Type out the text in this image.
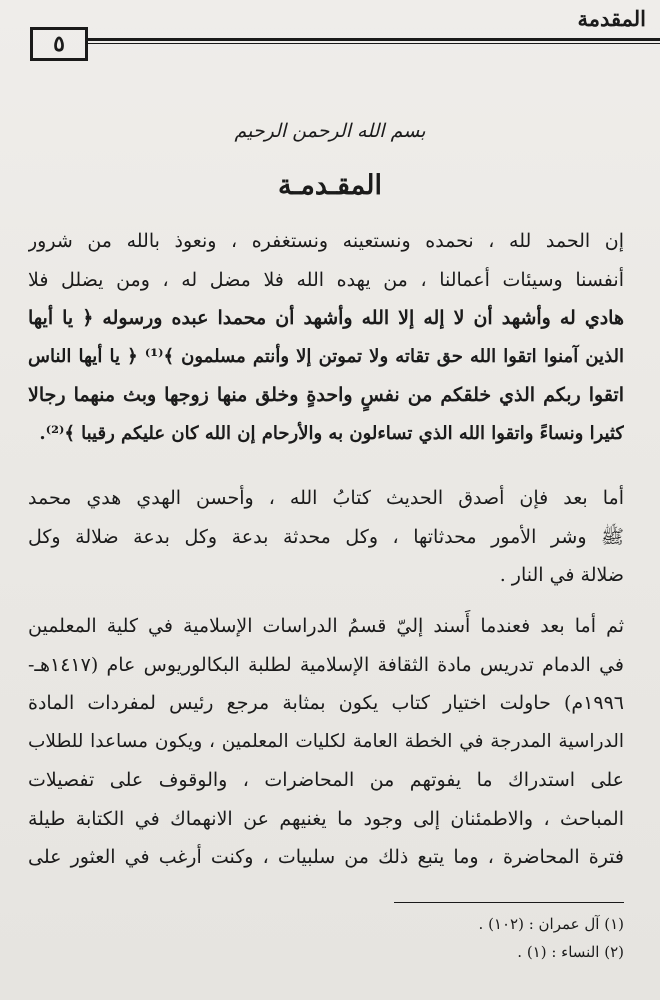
المقدمة
٥
بسم الله الرحمن الرحيم
المقـدمـة
إن الحمد لله ، نحمده ونستعينه ونستغفره ، ونعوذ بالله من شرور
أنفسنا وسيئات أعمالنا ، من يهده الله فلا مضل له ، ومن يضلل فلا
هادي له وأشهد أن لا إله إلا الله وأشهد أن محمدا عبده ورسوله ﴿ يا أيها
الذين آمنوا اتقوا الله حق تقاته ولا تموتن إلا وأنتم مسلمون ﴾⁽¹⁾ ﴿ يا أيها الناس
اتقوا ربكم الذي خلقكم من نفسٍ واحدةٍ وخلق منها زوجها وبث منهما رجالا
كثيرا ونساءً واتقوا الله الذي تساءلون به والأرحام إن الله كان عليكم رقيبا ﴾⁽²⁾.
أما بعد فإن أصدق الحديث كتابُ الله ، وأحسن الهدي هدي محمد
ﷺ وشر الأمور محدثاتها ، وكل محدثة بدعة وكل بدعة ضلالة وكل
ضلالة في النار .
ثم أما بعد فعندما أَسند إليّ قسمُ الدراسات الإسلامية في كلية المعلمين
في الدمام تدريس مادة الثقافة الإسلامية لطلبة البكالوريوس عام (١٤١٧هـ-
١٩٩٦م) حاولت اختيار كتاب يكون بمثابة مرجع رئيس لمفردات المادة
الدراسية المدرجة في الخطة العامة لكليات المعلمين ، ويكون مساعدا للطلاب
على استدراك ما يفوتهم من المحاضرات ، والوقوف على تفصيلات
المباحث ، والاطمئنان إلى وجود ما يغنيهم عن الانهماك في الكتابة طيلة
فترة المحاضرة ، وما يتبع ذلك من سلبيات ، وكنت أرغب في العثور على
(١) آل عمران : (١٠٢) .
(٢) النساء : (١) .
